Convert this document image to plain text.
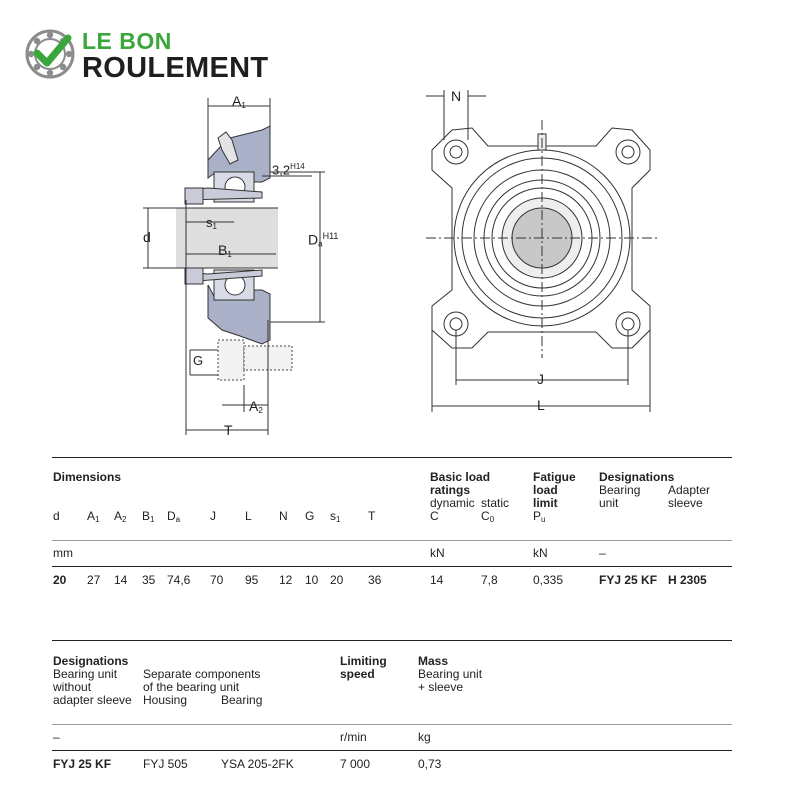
LE BON
ROULEMENT
$A_1$
$3,2^{H14}$
d
$s_1$
$B_1$
$D_a^{H11}$
G
$A_2$
T
N
J
L
Dimensions	Basic load
ratings
dynamic static
C	$C_0$
Fatigue
load
limit
$P_u$
Designations
Bearing
unit
Adapter
sleeve
d $A_1$ $A_2$ $B_1$ $D_a$ J L N G $s_1$ T
mm	kN	kN	–
20 27 14 35 74,6 70 95 12 10 20 36	14	7,8	0,335	FYJ 25 KF H 2305
Designations
Bearing unit
without
adapter sleeve
Separate components
of the bearing unit
Housing	Bearing
Limiting
speed
Mass
Bearing unit
+ sleeve
–	r/min	kg
FYJ 25 KF	FYJ 505	YSA 205-2FK	7 000	0,73
